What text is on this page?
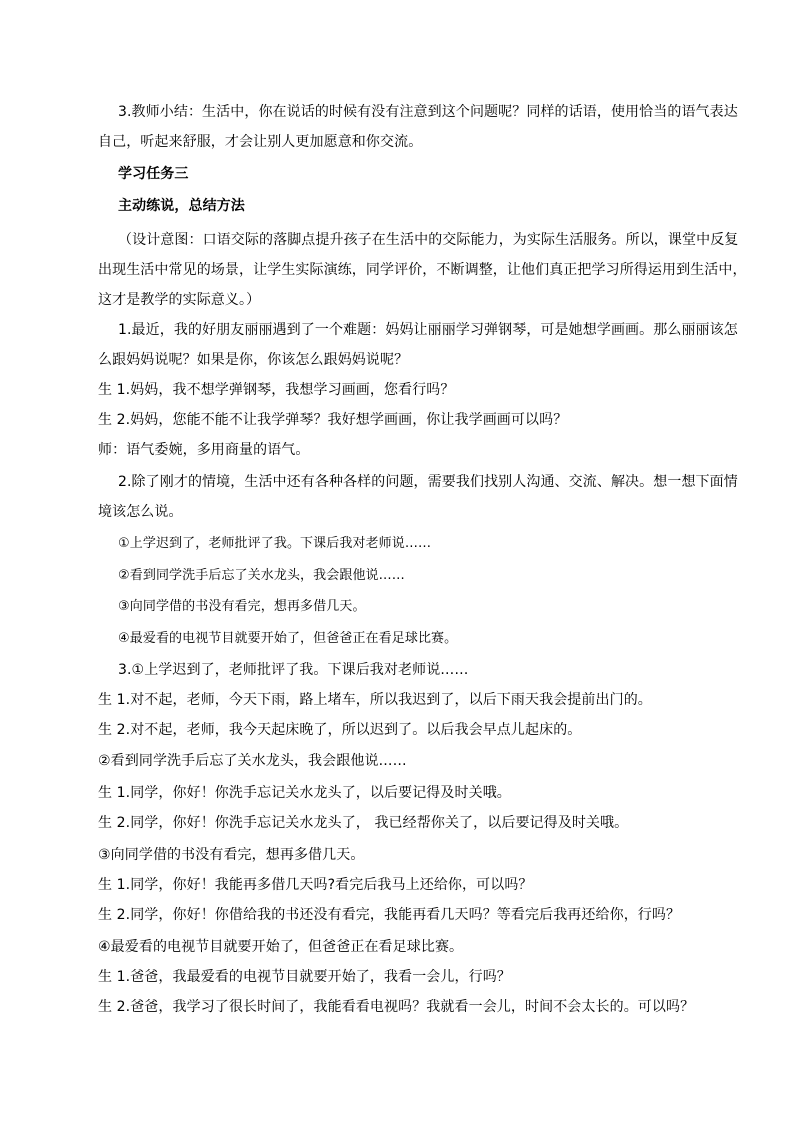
3.教师小结：生活中，你在说话的时候有没有注意到这个问题呢？同样的话语，使用恰当的语气表达
自己，听起来舒服，才会让别人更加愿意和你交流。
学习任务三
主动练说，总结方法
（设计意图：口语交际的落脚点提升孩子在生活中的交际能力，为实际生活服务。所以，课堂中反复
出现生活中常见的场景，让学生实际演练，同学评价，不断调整，让他们真正把学习所得运用到生活中，
这才是教学的实际意义。）
1.最近，我的好朋友丽丽遇到了一个难题：妈妈让丽丽学习弹钢琴，可是她想学画画。那么丽丽该怎
么跟妈妈说呢？如果是你，你该怎么跟妈妈说呢？
生 1.妈妈，我不想学弹钢琴，我想学习画画，您看行吗？
生 2.妈妈，您能不能不让我学弹琴？我好想学画画，你让我学画画可以吗？
师：语气委婉，多用商量的语气。
2.除了刚才的情境，生活中还有各种各样的问题，需要我们找别人沟通、交流、解决。想一想下面情
境该怎么说。
①上学迟到了，老师批评了我。下课后我对老师说……
②看到同学洗手后忘了关水龙头，我会跟他说……
③向同学借的书没有看完，想再多借几天。
④最爱看的电视节目就要开始了，但爸爸正在看足球比赛。
3.①上学迟到了，老师批评了我。下课后我对老师说……
生 1.对不起，老师，今天下雨，路上堵车，所以我迟到了，以后下雨天我会提前出门的。
生 2.对不起，老师，我今天起床晚了，所以迟到了。以后我会早点儿起床的。
②看到同学洗手后忘了关水龙头，我会跟他说……
生 1.同学，你好！你洗手忘记关水龙头了，以后要记得及时关哦。
生 2.同学，你好！你洗手忘记关水龙头了， 我已经帮你关了，以后要记得及时关哦。
③向同学借的书没有看完，想再多借几天。
生 1.同学，你好！我能再多借几天吗?看完后我马上还给你，可以吗？
生 2.同学，你好！你借给我的书还没有看完，我能再看几天吗？等看完后我再还给你，行吗？
④最爱看的电视节目就要开始了，但爸爸正在看足球比赛。
生 1.爸爸，我最爱看的电视节目就要开始了，我看一会儿，行吗？
生 2.爸爸，我学习了很长时间了，我能看看电视吗？我就看一会儿，时间不会太长的。可以吗？
